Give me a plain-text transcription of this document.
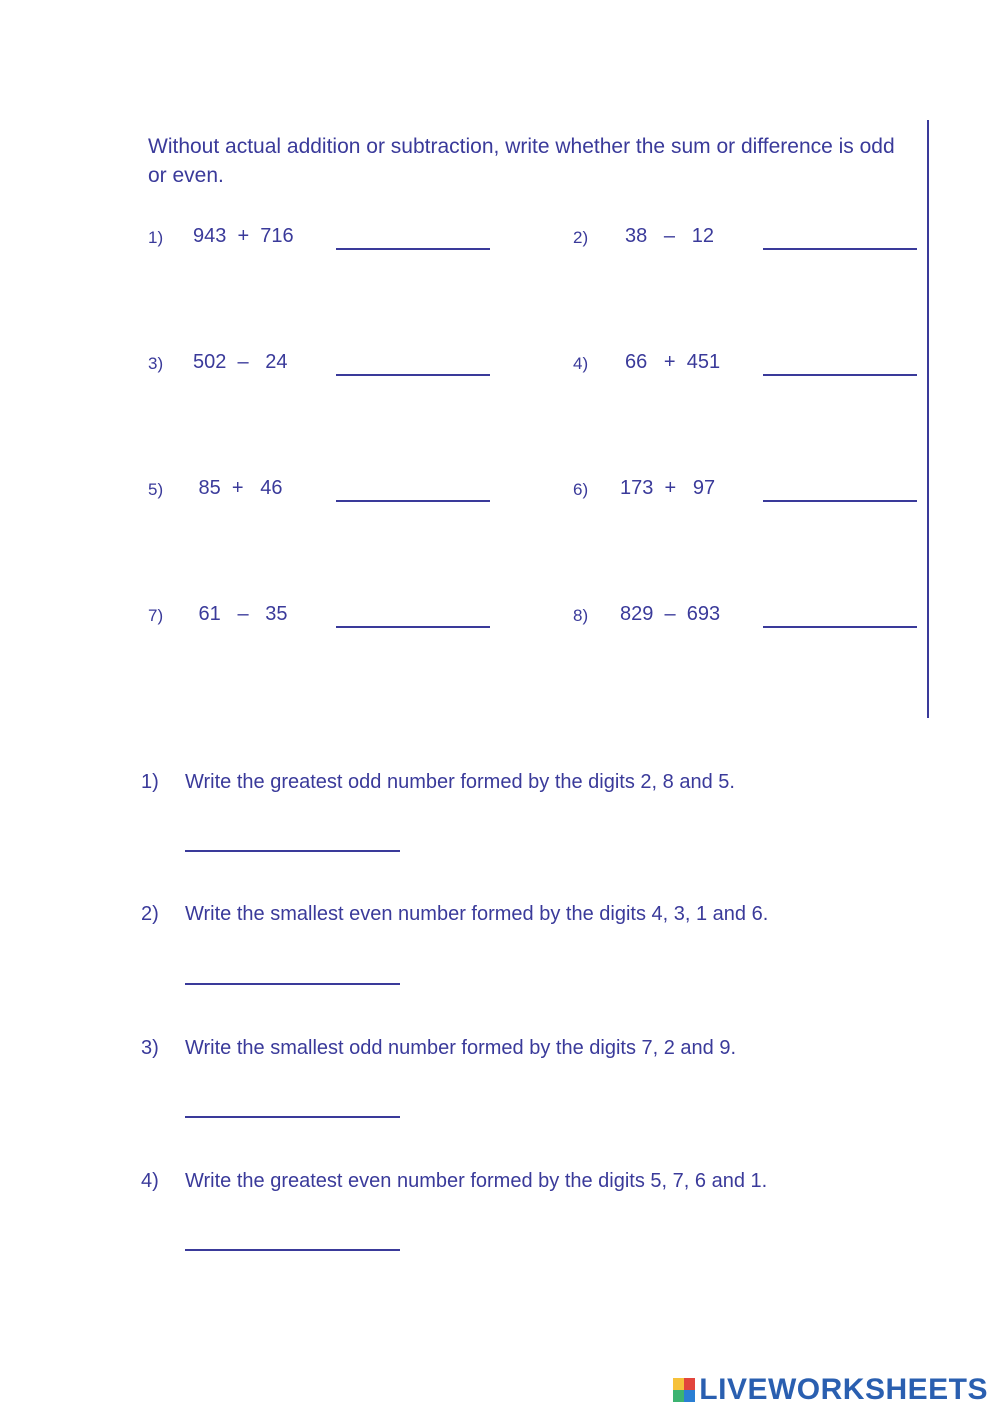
Without actual addition or subtraction, write whether the sum or difference is odd or even.
1) 943  +  716
3) 502  –   24
5) 85  +   46
7) 61   –   35
2) 38   –   12
4) 66   +  451
6) 173  +   97
8) 829  –  693
1) Write the greatest odd number formed by the digits 2, 8 and 5.
2) Write the smallest even number formed by the digits 4, 3, 1 and 6.
3) Write the smallest odd number formed by the digits 7, 2 and 9.
4) Write the greatest even number formed by the digits 5, 7, 6 and 1.
LIVEWORKSHEETS
